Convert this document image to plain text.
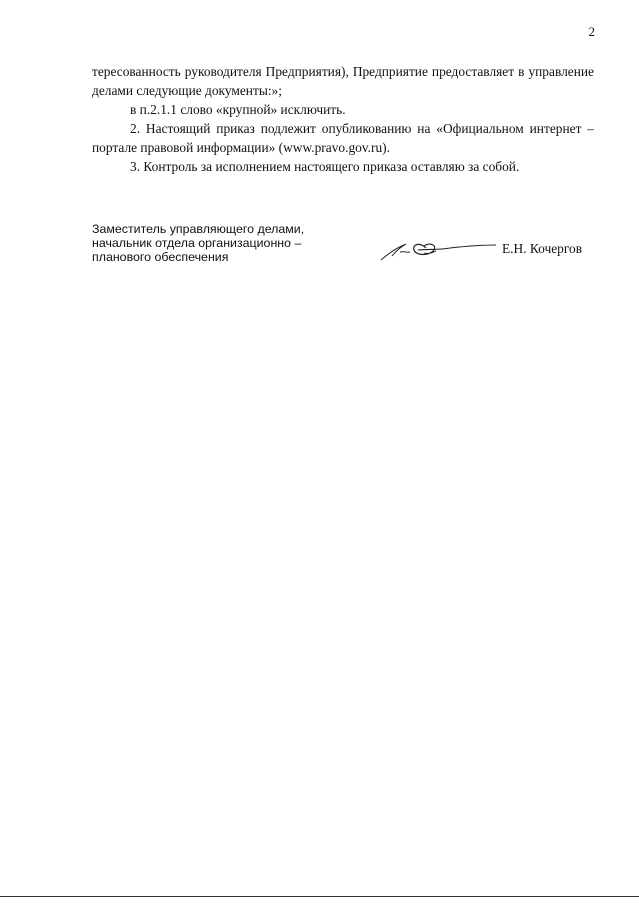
2

тересованность руководителя Предприятия), Предприятие предоставляет в управление делами следующие документы:»;

в п.2.1.1 слово «крупной» исключить.

2. Настоящий приказ подлежит опубликованию на «Официальном интернет – портале правовой информации» (www.pravo.gov.ru).

3. Контроль за исполнением настоящего приказа оставляю за собой.

Заместитель управляющего делами,
начальник отдела организационно –
планового обеспечения
Е.Н. Кочергов
